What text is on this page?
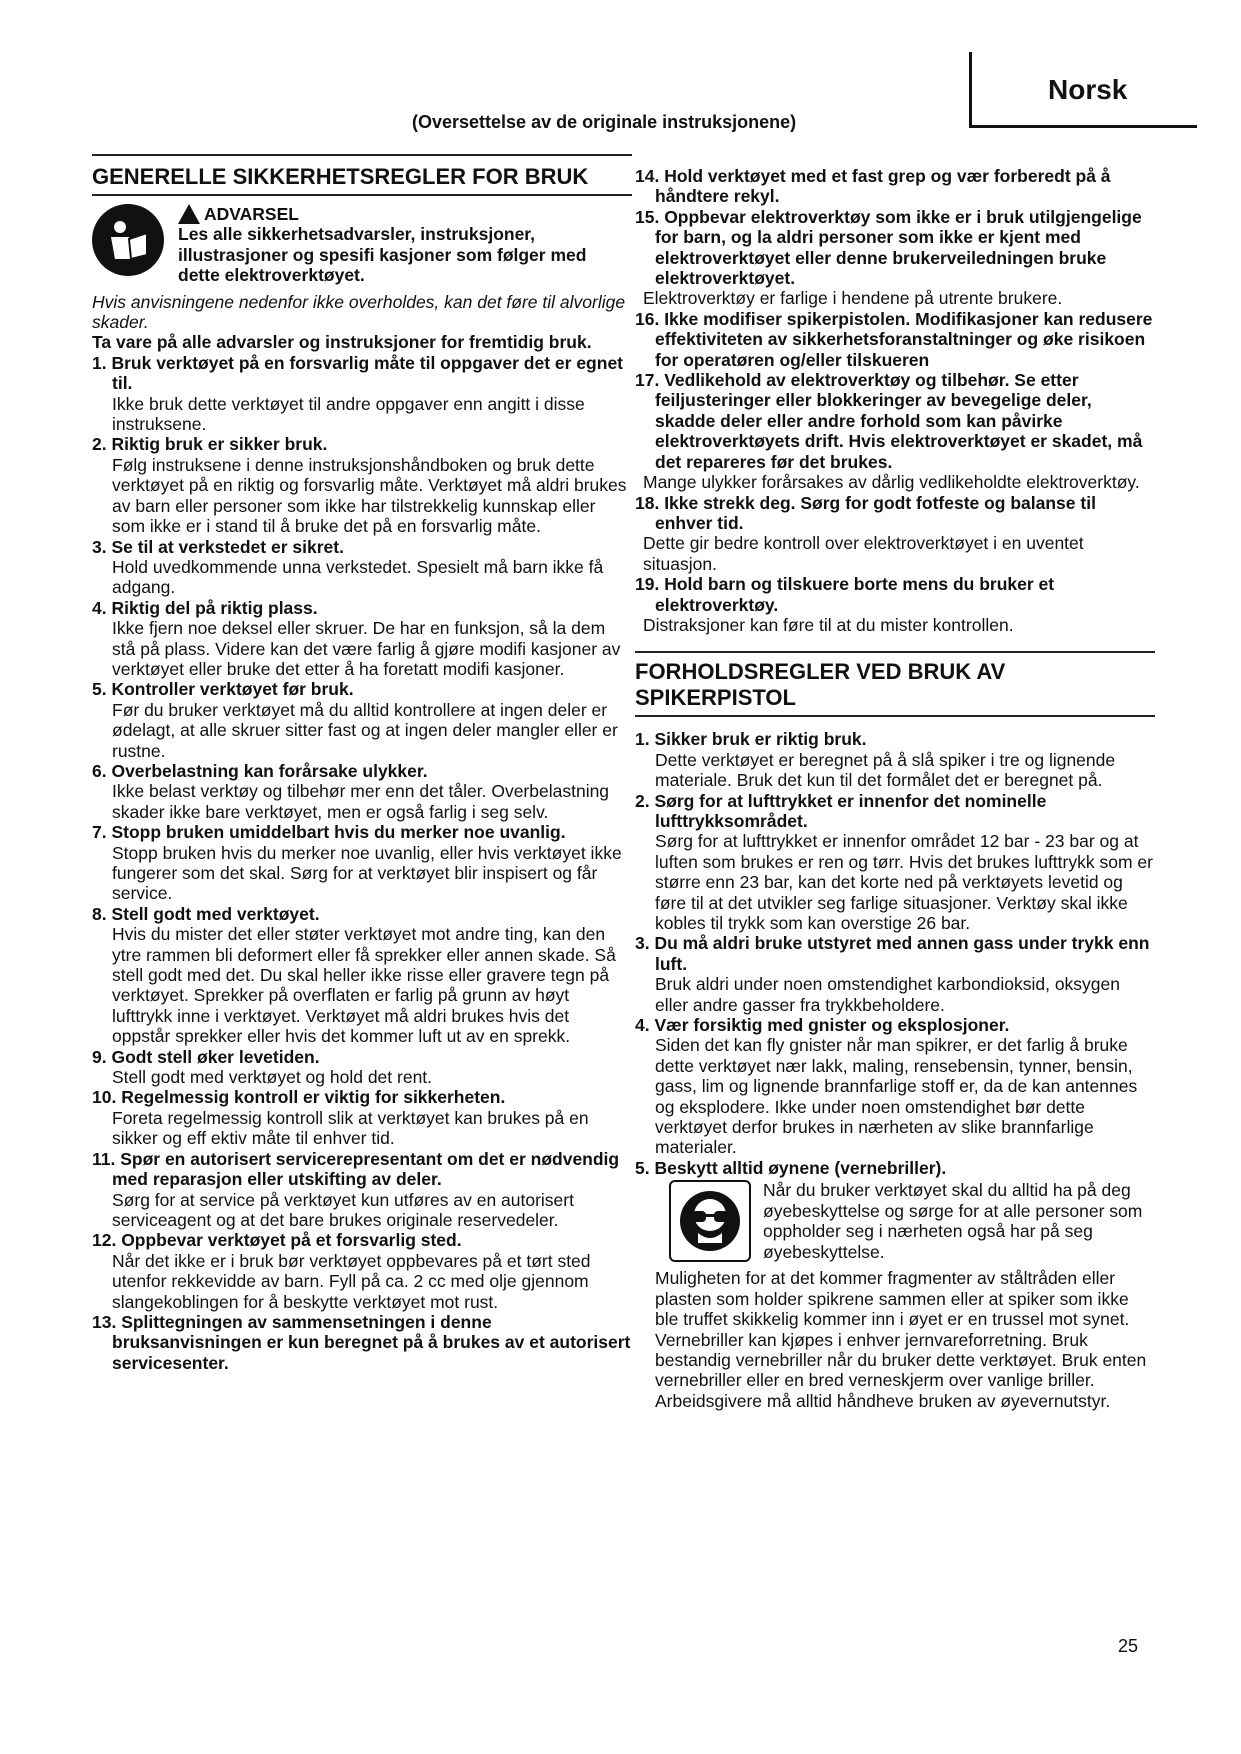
Norsk
(Oversettelse av de originale instruksjonene)
GENERELLE SIKKERHETSREGLER FOR BRUK
ADVARSEL

Les alle sikkerhetsadvarsler, instruksjoner, illustrasjoner og spesifi kasjoner som følger med dette elektroverktøyet.

Hvis anvisningene nedenfor ikke overholdes, kan det føre til alvorlige skader.

Ta vare på alle advarsler og instruksjoner for fremtidig bruk.

1. Bruk verktøyet på en forsvarlig måte til oppgaver det er egnet til.

Ikke bruk dette verktøyet til andre oppgaver enn angitt i disse instruksene.

2. Riktig bruk er sikker bruk.

Følg instruksene i denne instruksjonshåndboken og bruk dette verktøyet på en riktig og forsvarlig måte. Verktøyet må aldri brukes av barn eller personer som ikke har tilstrekkelig kunnskap eller som ikke er i stand til å bruke det på en forsvarlig måte.

3. Se til at verkstedet er sikret.

Hold uvedkommende unna verkstedet. Spesielt må barn ikke få adgang.

4. Riktig del på riktig plass.

Ikke fjern noe deksel eller skruer. De har en funksjon, så la dem stå på plass. Videre kan det være farlig å gjøre modifi kasjoner av verktøyet eller bruke det etter å ha foretatt modifi kasjoner.

5. Kontroller verktøyet før bruk.

Før du bruker verktøyet må du alltid kontrollere at ingen deler er ødelagt, at alle skruer sitter fast og at ingen deler mangler eller er rustne.

6. Overbelastning kan forårsake ulykker.

Ikke belast verktøy og tilbehør mer enn det tåler. Overbelastning skader ikke bare verktøyet, men er også farlig i seg selv.

7. Stopp bruken umiddelbart hvis du merker noe uvanlig.

Stopp bruken hvis du merker noe uvanlig, eller hvis verktøyet ikke fungerer som det skal. Sørg for at verktøyet blir inspisert og får service.

8. Stell godt med verktøyet.

Hvis du mister det eller støter verktøyet mot andre ting, kan den ytre rammen bli deformert eller få sprekker eller annen skade. Så stell godt med det. Du skal heller ikke risse eller gravere tegn på verktøyet. Sprekker på overflaten er farlig på grunn av høyt lufttrykk inne i verktøyet. Verktøyet må aldri brukes hvis det oppstår sprekker eller hvis det kommer luft ut av en sprekk.

9. Godt stell øker levetiden.

Stell godt med verktøyet og hold det rent.

10. Regelmessig kontroll er viktig for sikkerheten.

Foreta regelmessig kontroll slik at verktøyet kan brukes på en sikker og eff ektiv måte til enhver tid.

11. Spør en autorisert servicerepresentant om det er nødvendig med reparasjon eller utskifting av deler.

Sørg for at service på verktøyet kun utføres av en autorisert serviceagent og at det bare brukes originale reservedeler.

12. Oppbevar verktøyet på et forsvarlig sted.

Når det ikke er i bruk bør verktøyet oppbevares på et tørt sted utenfor rekkevidde av barn. Fyll på ca. 2 cc med olje gjennom slangekoblingen for å beskytte verktøyet mot rust.

13. Splittegningen av sammensetningen i denne bruksanvisningen er kun beregnet på å brukes av et autorisert servicesenter.

14. Hold verktøyet med et fast grep og vær forberedt på å håndtere rekyl.

15. Oppbevar elektroverktøy som ikke er i bruk utilgjengelige for barn, og la aldri personer som ikke er kjent med elektroverktøyet eller denne brukerveiledningen bruke elektroverktøyet.

Elektroverktøy er farlige i hendene på utrente brukere.

16. Ikke modifiser spikerpistolen. Modifikasjoner kan redusere effektiviteten av sikkerhetsforanstaltninger og øke risikoen for operatøren og/eller tilskueren

17. Vedlikehold av elektroverktøy og tilbehør. Se etter feiljusteringer eller blokkeringer av bevegelige deler, skadde deler eller andre forhold som kan påvirke elektroverktøyets drift. Hvis elektroverktøyet er skadet, må det repareres før det brukes.

Mange ulykker forårsakes av dårlig vedlikeholdte elektroverktøy.

18. Ikke strekk deg. Sørg for godt fotfeste og balanse til enhver tid.

Dette gir bedre kontroll over elektroverktøyet i en uventet situasjon.

19. Hold barn og tilskuere borte mens du bruker et elektroverktøy.

Distraksjoner kan føre til at du mister kontrollen.

FORHOLDSREGLER VED BRUK AV SPIKERPISTOL

1. Sikker bruk er riktig bruk.

Dette verktøyet er beregnet på å slå spiker i tre og lignende materiale. Bruk det kun til det formålet det er beregnet på.

2. Sørg for at lufttrykket er innenfor det nominelle lufttrykksområdet.

Sørg for at lufttrykket er innenfor området 12 bar - 23 bar og at luften som brukes er ren og tørr. Hvis det brukes lufttrykk som er større enn 23 bar, kan det korte ned på verktøyets levetid og føre til at det utvikler seg farlige situasjoner. Verktøy skal ikke kobles til trykk som kan overstige 26 bar.

3. Du må aldri bruke utstyret med annen gass under trykk enn luft.

Bruk aldri under noen omstendighet karbondioksid, oksygen eller andre gasser fra trykkbeholdere.

4. Vær forsiktig med gnister og eksplosjoner.

Siden det kan fly gnister når man spikrer, er det farlig å bruke dette verktøyet nær lakk, maling, rensebensin, tynner, bensin, gass, lim og lignende brannfarlige stoff er, da de kan antennes og eksplodere. Ikke under noen omstendighet bør dette verktøyet derfor brukes in nærheten av slike brannfarlige materialer.

5. Beskytt alltid øynene (vernebriller).

Når du bruker verktøyet skal du alltid ha på deg øyebeskyttelse og sørge for at alle personer som oppholder seg i nærheten også har på seg øyebeskyttelse.

Muligheten for at det kommer fragmenter av ståltråden eller plasten som holder spikrene sammen eller at spiker som ikke ble truffet skikkelig kommer inn i øyet er en trussel mot synet. Vernebriller kan kjøpes i enhver jernvareforretning. Bruk bestandig vernebriller når du bruker dette verktøyet. Bruk enten vernebriller eller en bred verneskjerm over vanlige briller.

Arbeidsgivere må alltid håndheve bruken av øyevernutstyr.

25
